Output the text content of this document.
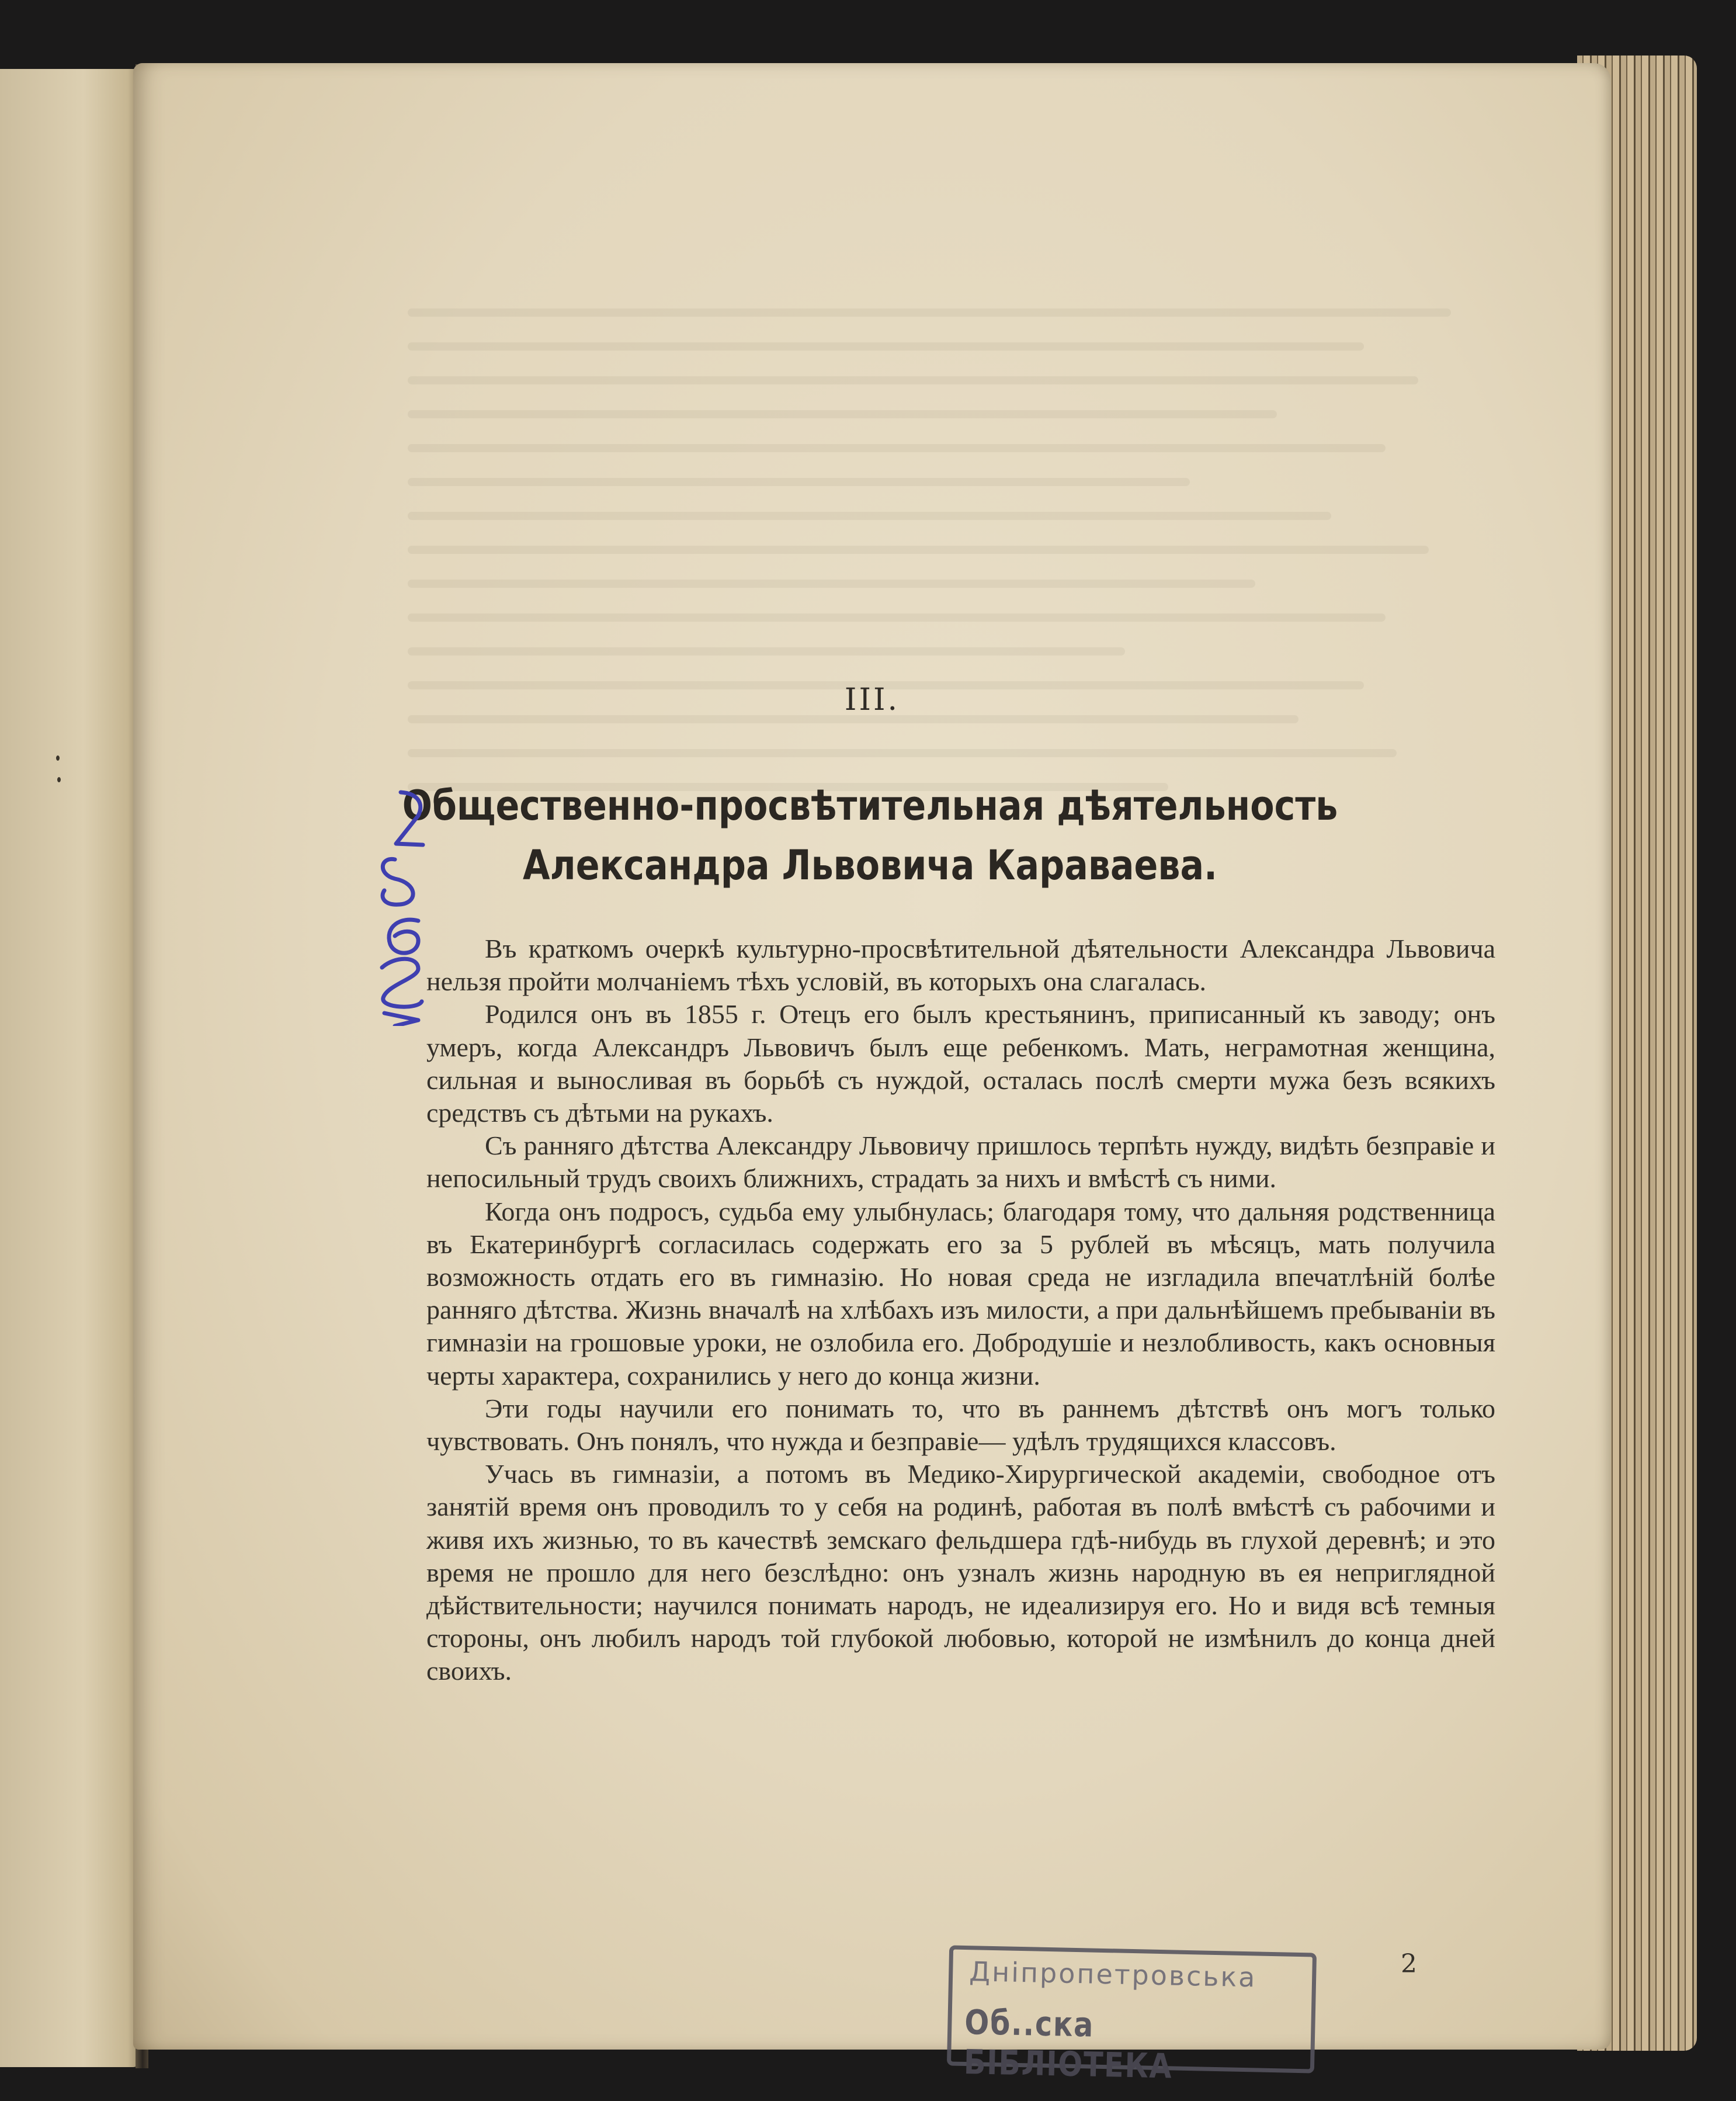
III.
Общественно-просвѣтительная дѣятельность
Александра Львовича Караваева.

Въ краткомъ очеркѣ культурно-просвѣтительной дѣятельности Александра Львовича нельзя пройти молчаніемъ тѣхъ условій, въ которыхъ она слагалась.

Родился онъ въ 1855 г. Отецъ его былъ крестьянинъ, приписанный къ заводу; онъ умеръ, когда Александръ Львовичъ былъ еще ребенкомъ. Мать, неграмотная женщина, сильная и выносливая въ борьбѣ съ нуждой, осталась послѣ смерти мужа безъ всякихъ средствъ съ дѣтьми на рукахъ.

Съ ранняго дѣтства Александру Львовичу пришлось терпѣть нужду, видѣть безправіе и непосильный трудъ своихъ ближнихъ, страдать за нихъ и вмѣстѣ съ ними.

Когда онъ подросъ, судьба ему улыбнулась; благодаря тому, что дальняя родственница въ Екатеринбургѣ согласилась содержать его за 5 рублей въ мѣсяцъ, мать получила возможность отдать его въ гимназію. Но новая среда не изгладила впечатлѣній болѣе ранняго дѣтства. Жизнь вначалѣ на хлѣбахъ изъ милости, а при дальнѣйшемъ пребываніи въ гимназіи на грошовые уроки, не озлобила его. Добродушіе и незлобливость, какъ основныя черты характера, сохранились у него до конца жизни.

Эти годы научили его понимать то, что въ раннемъ дѣтствѣ онъ могъ только чувствовать. Онъ понялъ, что нужда и безправіе— удѣлъ трудящихся классовъ.

Учась въ гимназіи, а потомъ въ Медико-Хирургической академіи, свободное отъ занятій время онъ проводилъ то у себя на родинѣ, работая въ полѣ вмѣстѣ съ рабочими и живя ихъ жизнью, то въ качествѣ земскаго фельдшера гдѣ-нибудь въ глухой деревнѣ; и это время не прошло для него безслѣдно: онъ узналъ жизнь народную въ ея неприглядной дѣйствительности; научился понимать народъ, не идеализируя его. Но и видя всѣ темныя стороны, онъ любилъ народъ той глубокой любовью, которой не измѣнилъ до конца дней своихъ.

2
Дніпропетровська
Об..ска БІБЛІОТЕКА
